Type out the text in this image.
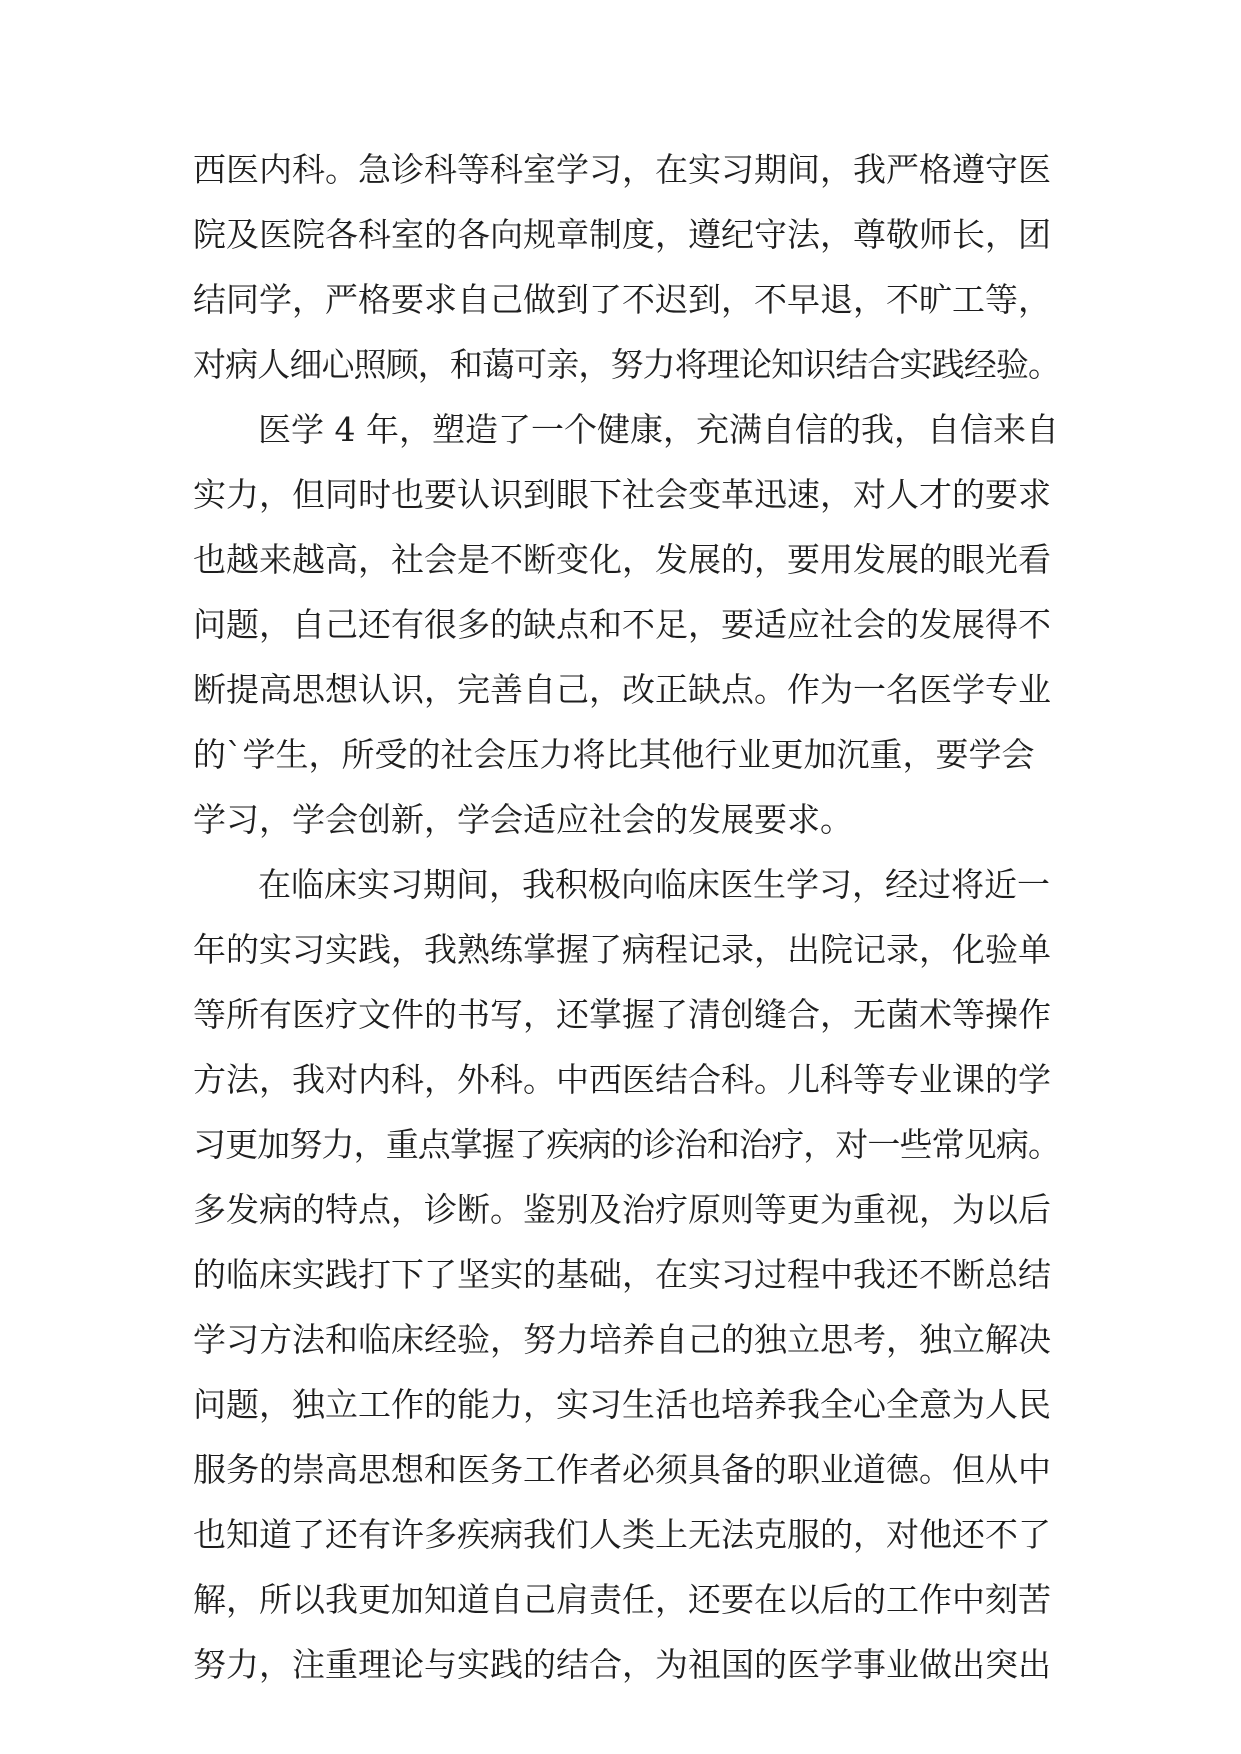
西医内科。急诊科等科室学习，在实习期间，我严格遵守医
院及医院各科室的各向规章制度，遵纪守法，尊敬师长，团
结同学，严格要求自己做到了不迟到，不早退，不旷工等，
对病人细心照顾，和蔼可亲，努力将理论知识结合实践经验。
医学 4 年，塑造了一个健康，充满自信的我，自信来自
实力，但同时也要认识到眼下社会变革迅速，对人才的要求
也越来越高，社会是不断变化，发展的，要用发展的眼光看
问题，自己还有很多的缺点和不足，要适应社会的发展得不
断提高思想认识，完善自己，改正缺点。作为一名医学专业
的`学生，所受的社会压力将比其他行业更加沉重，要学会
学习，学会创新，学会适应社会的发展要求。
在临床实习期间，我积极向临床医生学习，经过将近一
年的实习实践，我熟练掌握了病程记录，出院记录，化验单
等所有医疗文件的书写，还掌握了清创缝合，无菌术等操作
方法，我对内科，外科。中西医结合科。儿科等专业课的学
习更加努力，重点掌握了疾病的诊治和治疗，对一些常见病。
多发病的特点，诊断。鉴别及治疗原则等更为重视，为以后
的临床实践打下了坚实的基础，在实习过程中我还不断总结
学习方法和临床经验，努力培养自己的独立思考，独立解决
问题，独立工作的能力，实习生活也培养我全心全意为人民
服务的崇高思想和医务工作者必须具备的职业道德。但从中
也知道了还有许多疾病我们人类上无法克服的，对他还不了
解，所以我更加知道自己肩责任，还要在以后的工作中刻苦
努力，注重理论与实践的结合，为祖国的医学事业做出突出
